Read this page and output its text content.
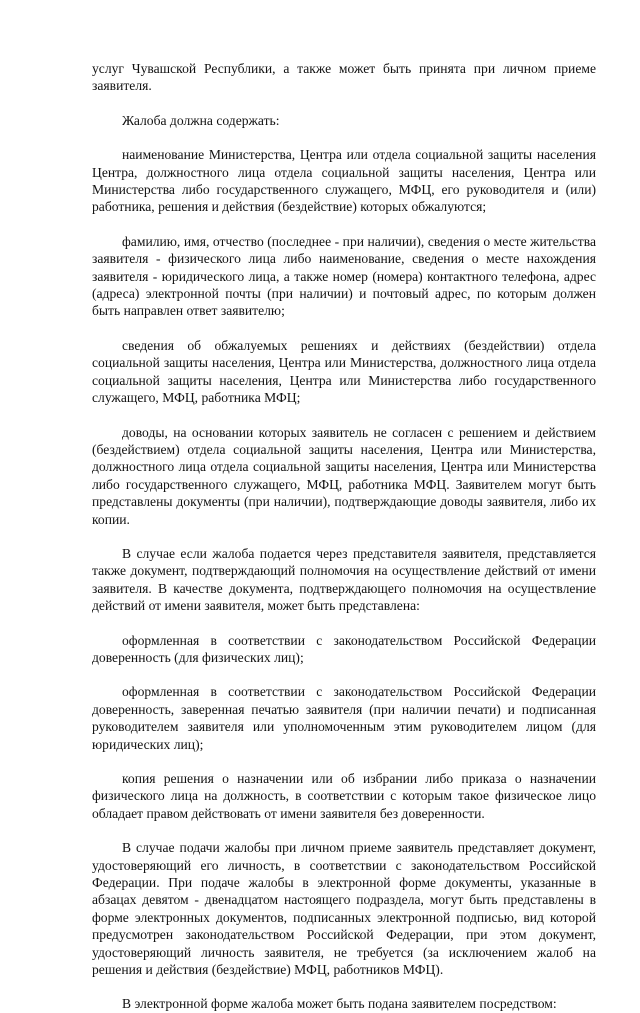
услуг Чувашской Республики, а также может быть принята при личном приеме заявителя.

Жалоба должна содержать:

наименование Министерства, Центра или отдела социальной защиты населения Центра, должностного лица отдела социальной защиты населения, Центра или Министерства либо государственного служащего, МФЦ, его руководителя и (или) работника, решения и действия (бездействие) которых обжалуются;

фамилию, имя, отчество (последнее - при наличии), сведения о месте жительства заявителя - физического лица либо наименование, сведения о месте нахождения заявителя - юридического лица, а также номер (номера) контактного телефона, адрес (адреса) электронной почты (при наличии) и почтовый адрес, по которым должен быть направлен ответ заявителю;

сведения об обжалуемых решениях и действиях (бездействии) отдела социальной защиты населения, Центра или Министерства, должностного лица отдела социальной защиты населения, Центра или Министерства либо государственного служащего, МФЦ, работника МФЦ;

доводы, на основании которых заявитель не согласен с решением и действием (бездействием) отдела социальной защиты населения, Центра или Министерства, должностного лица отдела социальной защиты населения, Центра или Министерства либо государственного служащего, МФЦ, работника МФЦ. Заявителем могут быть представлены документы (при наличии), подтверждающие доводы заявителя, либо их копии.

В случае если жалоба подается через представителя заявителя, представляется также документ, подтверждающий полномочия на осуществление действий от имени заявителя. В качестве документа, подтверждающего полномочия на осуществление действий от имени заявителя, может быть представлена:

оформленная в соответствии с законодательством Российской Федерации доверенность (для физических лиц);

оформленная в соответствии с законодательством Российской Федерации доверенность, заверенная печатью заявителя (при наличии печати) и подписанная руководителем заявителя или уполномоченным этим руководителем лицом (для юридических лиц);

копия решения о назначении или об избрании либо приказа о назначении физического лица на должность, в соответствии с которым такое физическое лицо обладает правом действовать от имени заявителя без доверенности.

В случае подачи жалобы при личном приеме заявитель представляет документ, удостоверяющий его личность, в соответствии с законодательством Российской Федерации. При подаче жалобы в электронной форме документы, указанные в абзацах девятом - двенадцатом настоящего подраздела, могут быть представлены в форме электронных документов, подписанных электронной подписью, вид которой предусмотрен законодательством Российской Федерации, при этом документ, удостоверяющий личность заявителя, не требуется (за исключением жалоб на решения и действия (бездействие) МФЦ, работников МФЦ).

В электронной форме жалоба может быть подана заявителем посредством:
